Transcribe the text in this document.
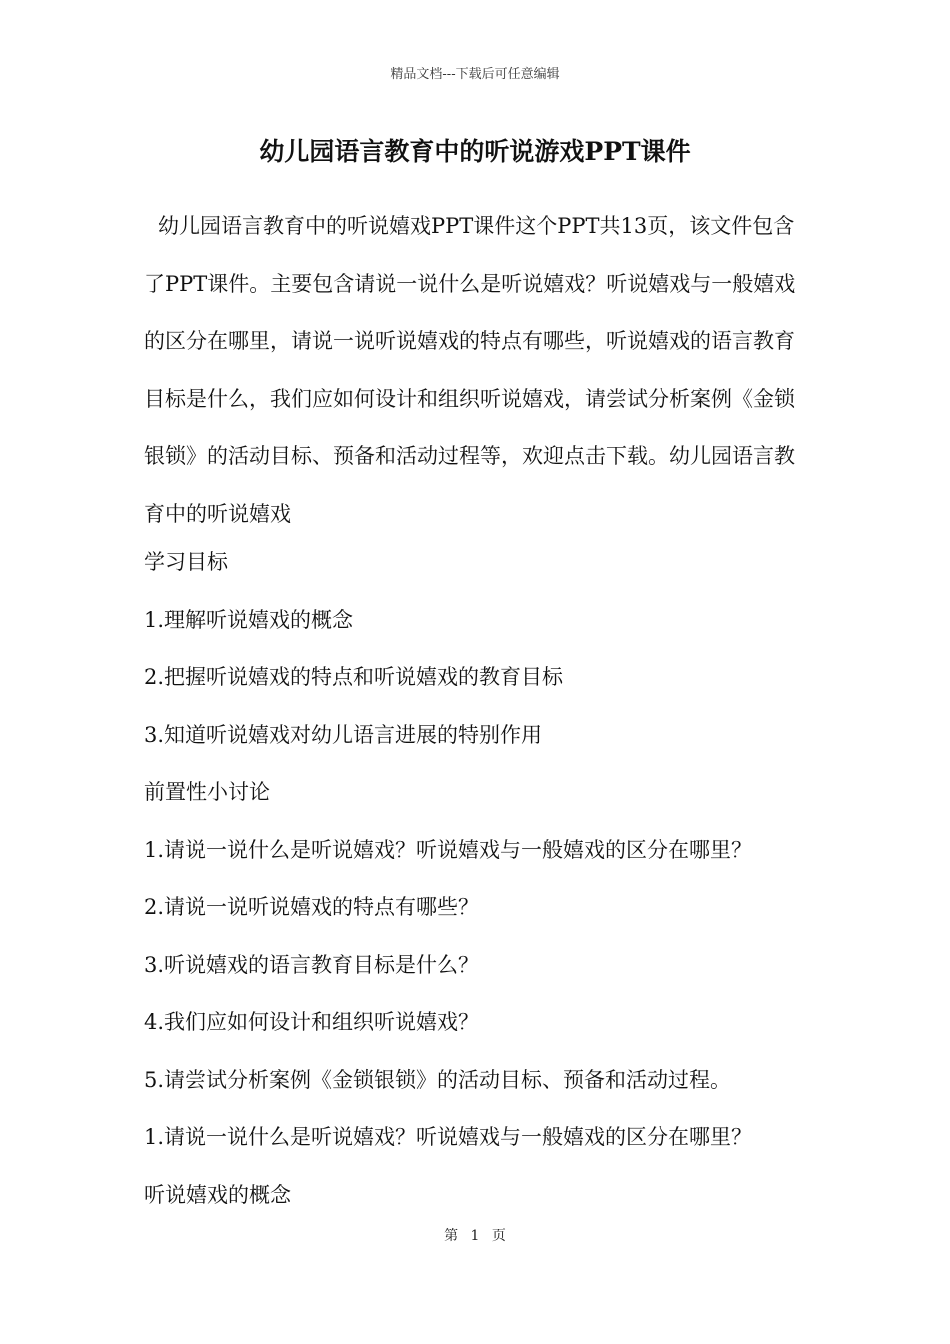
精品文档---下载后可任意编辑
幼儿园语言教育中的听说游戏PPT课件

幼儿园语言教育中的听说嬉戏PPT课件这个PPT共13页，该文件包含了PPT课件。主要包含请说一说什么是听说嬉戏？听说嬉戏与一般嬉戏的区分在哪里，请说一说听说嬉戏的特点有哪些，听说嬉戏的语言教育目标是什么，我们应如何设计和组织听说嬉戏，请尝试分析案例《金锁银锁》的活动目标、预备和活动过程等，欢迎点击下载。幼儿园语言教育中的听说嬉戏

学习目标
1.理解听说嬉戏的概念
2.把握听说嬉戏的特点和听说嬉戏的教育目标
3.知道听说嬉戏对幼儿语言进展的特别作用
前置性小讨论
1.请说一说什么是听说嬉戏？听说嬉戏与一般嬉戏的区分在哪里？
2.请说一说听说嬉戏的特点有哪些？
3.听说嬉戏的语言教育目标是什么？
4.我们应如何设计和组织听说嬉戏？
5.请尝试分析案例《金锁银锁》的活动目标、预备和活动过程。
1.请说一说什么是听说嬉戏？听说嬉戏与一般嬉戏的区分在哪里？
听说嬉戏的概念
第 1 页
